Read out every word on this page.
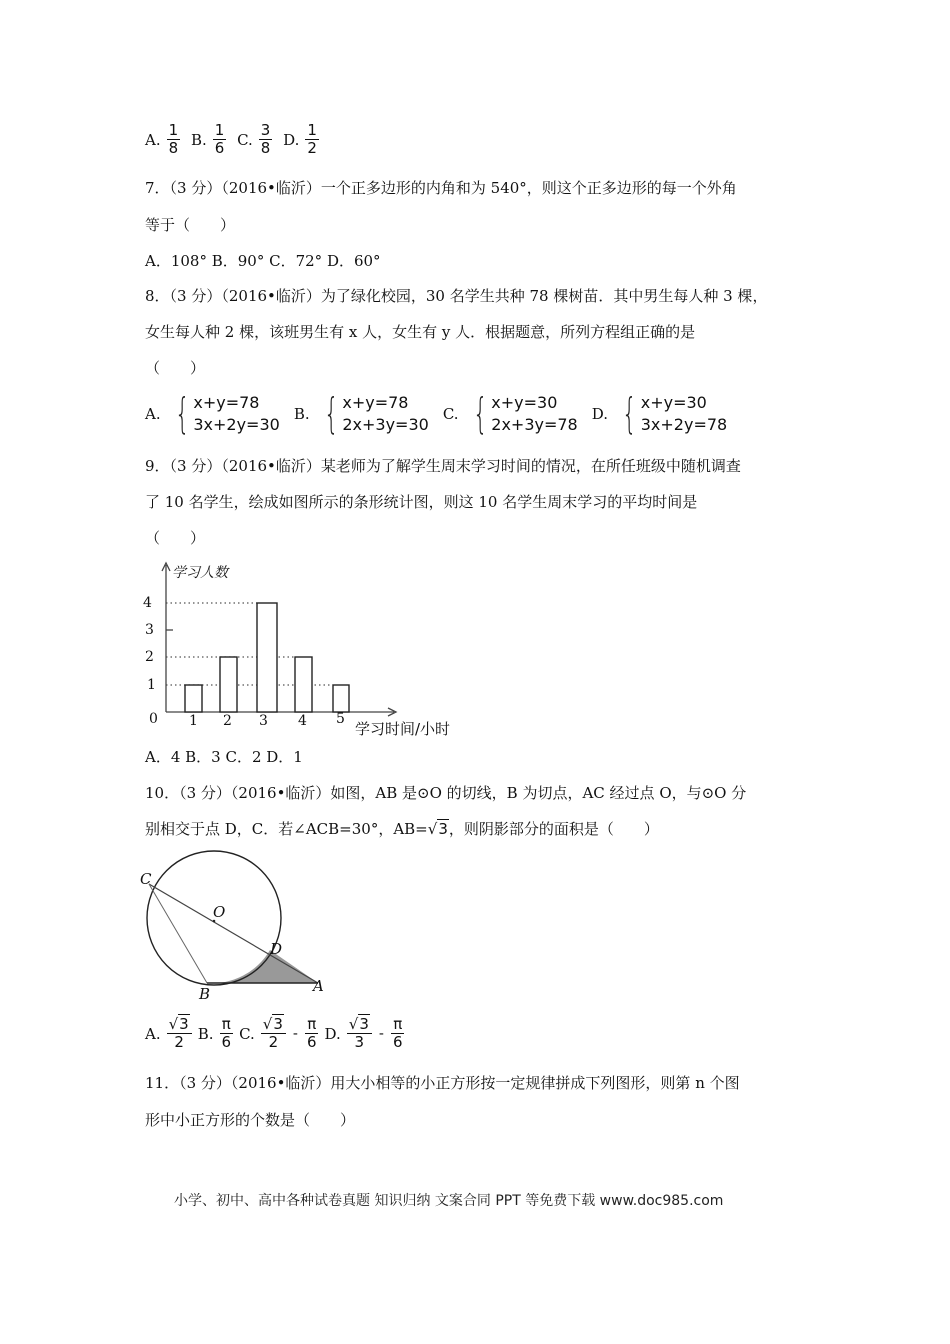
A. $\frac{1}{8}$
B. $\frac{1}{6}$
C. $\frac{3}{8}$
D. $\frac{1}{2}$
7．（3 分）（2016•临沂）一个正多边形的内角和为 540°，则这个正多边形的每一个外角
等于（　　）
A．108° B．90° C．72° D．60°
8．（3 分）（2016•临沂）为了绿化校园，30 名学生共种 78 棵树苗．其中男生每人种 3 棵，
女生每人种 2 棵，该班男生有 x 人，女生有 y 人．根据题意，所列方程组正确的是
（　　）
A. { x+y=78
3x+2y=30
B. { x+y=78
2x+3y=30
C. { x+y=30
2x+3y=78
D. { x+y=30
3x+2y=78
9．（3 分）（2016•临沂）某老师为了解学生周末学习时间的情况，在所任班级中随机调查
了 10 名学生，绘成如图所示的条形统计图，则这 10 名学生周末学习的平均时间是
（　　）
学习人数
4
3
2
1
0 1 2 3 4 5
学习时间/小时
A．4 B．3 C．2 D．1
10．（3 分）（2016•临沂）如图，AB 是⊙O 的切线，B 为切点，AC 经过点 O，与⊙O 分
别相交于点 D，C．若∠ACB=30°，AB=√3，则阴影部分的面积是（　　）
C
O
D
B	A
A. $\frac{√3}{2} B$. $\frac{\pi}{6} C$. $\frac{√3}{2} - \frac{\pi}{6} D$. $\frac{√3}{3} - \frac{\pi}{6}$
11．（3 分）（2016•临沂）用大小相等的小正方形按一定规律拼成下列图形，则第 n 个图
形中小正方形的个数是（　　）
小学、初中、高中各种试卷真题 知识归纳 文案合同 PPT 等免费下载 www.doc985.com
